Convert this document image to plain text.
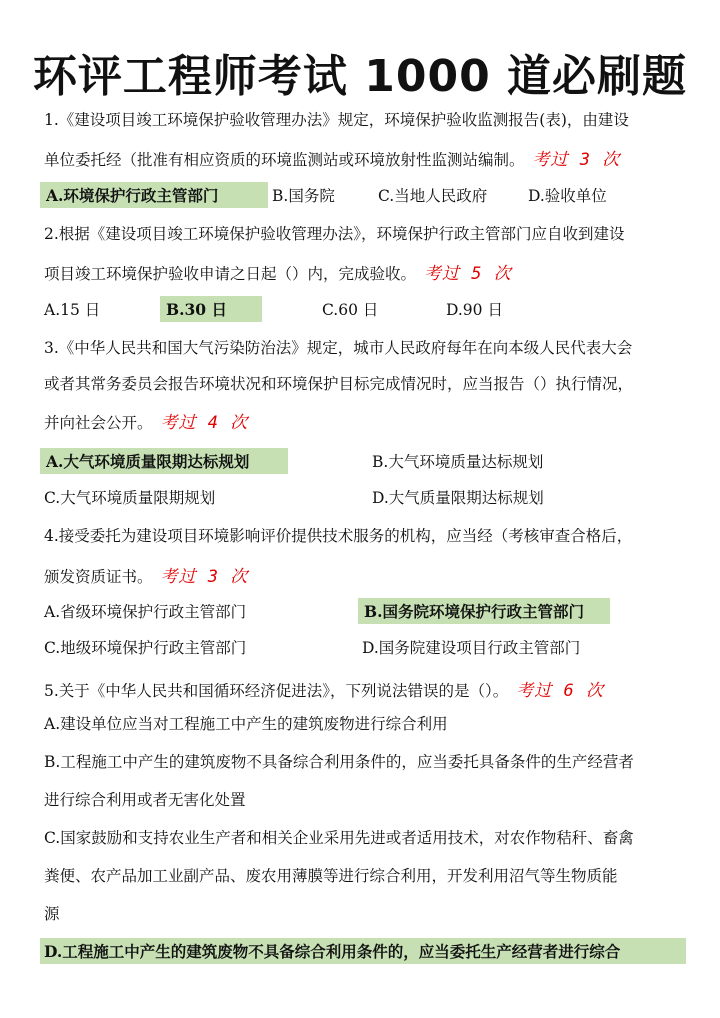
环评工程师考试 1000 道必刷题
1.《建设项目竣工环境保护验收管理办法》规定，环境保护验收监测报告(表)，由建设
单位委托经（批准有相应资质的环境监测站或环境放射性监测站编制。 考过 3 次
A.环境保护行政主管部门	B.国务院	C.当地人民政府	D.验收单位
2.根据《建设项目竣工环境保护验收管理办法》，环境保护行政主管部门应自收到建设
项目竣工环境保护验收申请之日起（）内，完成验收。 考过 5 次
A.15 日	B.30 日	C.60 日	D.90 日
3.《中华人民共和国大气污染防治法》规定，城市人民政府每年在向本级人民代表大会
或者其常务委员会报告环境状况和环境保护目标完成情况时，应当报告（）执行情况，
并向社会公开。 考过 4 次
A.大气环境质量限期达标规划	B.大气环境质量达标规划
C.大气环境质量限期规划	D.大气质量限期达标规划
4.接受委托为建设项目环境影响评价提供技术服务的机构，应当经（考核审查合格后，
颁发资质证书。 考过 3 次
A.省级环境保护行政主管部门	B.国务院环境保护行政主管部门
C.地级环境保护行政主管部门	D.国务院建设项目行政主管部门
5.关于《中华人民共和国循环经济促进法》，下列说法错误的是（）。 考过 6 次
A.建设单位应当对工程施工中产生的建筑废物进行综合利用
B.工程施工中产生的建筑废物不具备综合利用条件的，应当委托具备条件的生产经营者
进行综合利用或者无害化处置
C.国家鼓励和支持农业生产者和相关企业采用先进或者适用技术，对农作物秸秆、畜禽
粪便、农产品加工业副产品、废农用薄膜等进行综合利用，开发利用沼气等生物质能
源
D.工程施工中产生的建筑废物不具备综合利用条件的，应当委托生产经营者进行综合
